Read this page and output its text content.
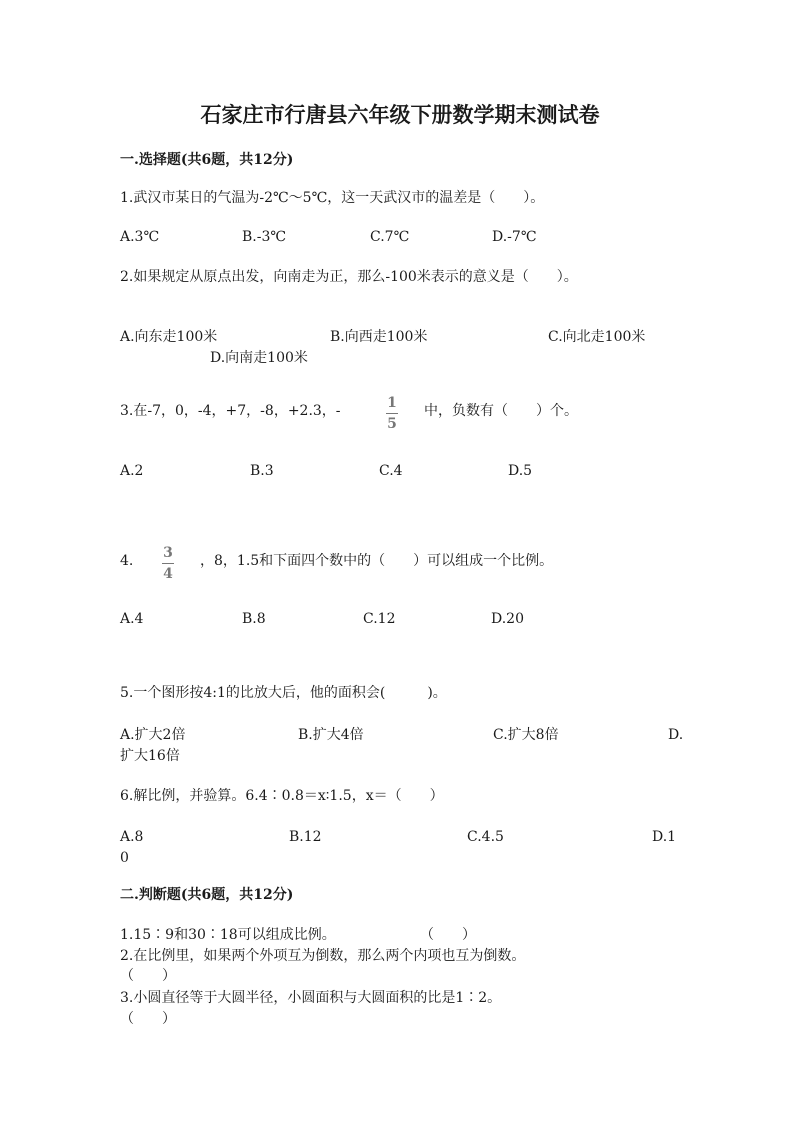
石家庄市行唐县六年级下册数学期末测试卷
一.选择题(共6题，共12分)
1.武汉市某日的气温为-2℃～5℃，这一天武汉市的温差是（　　）。
A.3℃	B.-3℃	C.7℃	D.-7℃
2.如果规定从原点出发，向南走为正，那么-100米表示的意义是（　　）。
A.向东走100米	B.向西走100米	C.向北走100米
D.向南走100米
3.在-7，0，-4，+7，-8，+2.3，-	1
5
中，负数有（　　）个。
A.2	B.3	C.4	D.5
4.	3
4
，8，1.5和下面四个数中的（　　）可以组成一个比例。
A.4	B.8	C.12	D.20
5.一个图形按4:1的比放大后，他的面积会(　　　)。
A.扩大2倍	B.扩大4倍	C.扩大8倍	D.
扩大16倍
6.解比例，并验算。6.4∶0.8＝x∶1.5，x＝（　　）
A.8	B.12	C.4.5	D.1
0
二.判断题(共6题，共12分)
1.15∶9和30∶18可以组成比例。	（　　）
2.在比例里，如果两个外项互为倒数，那么两个内项也互为倒数。
（　　）
3.小圆直径等于大圆半径，小圆面积与大圆面积的比是1∶2。
（　　）
